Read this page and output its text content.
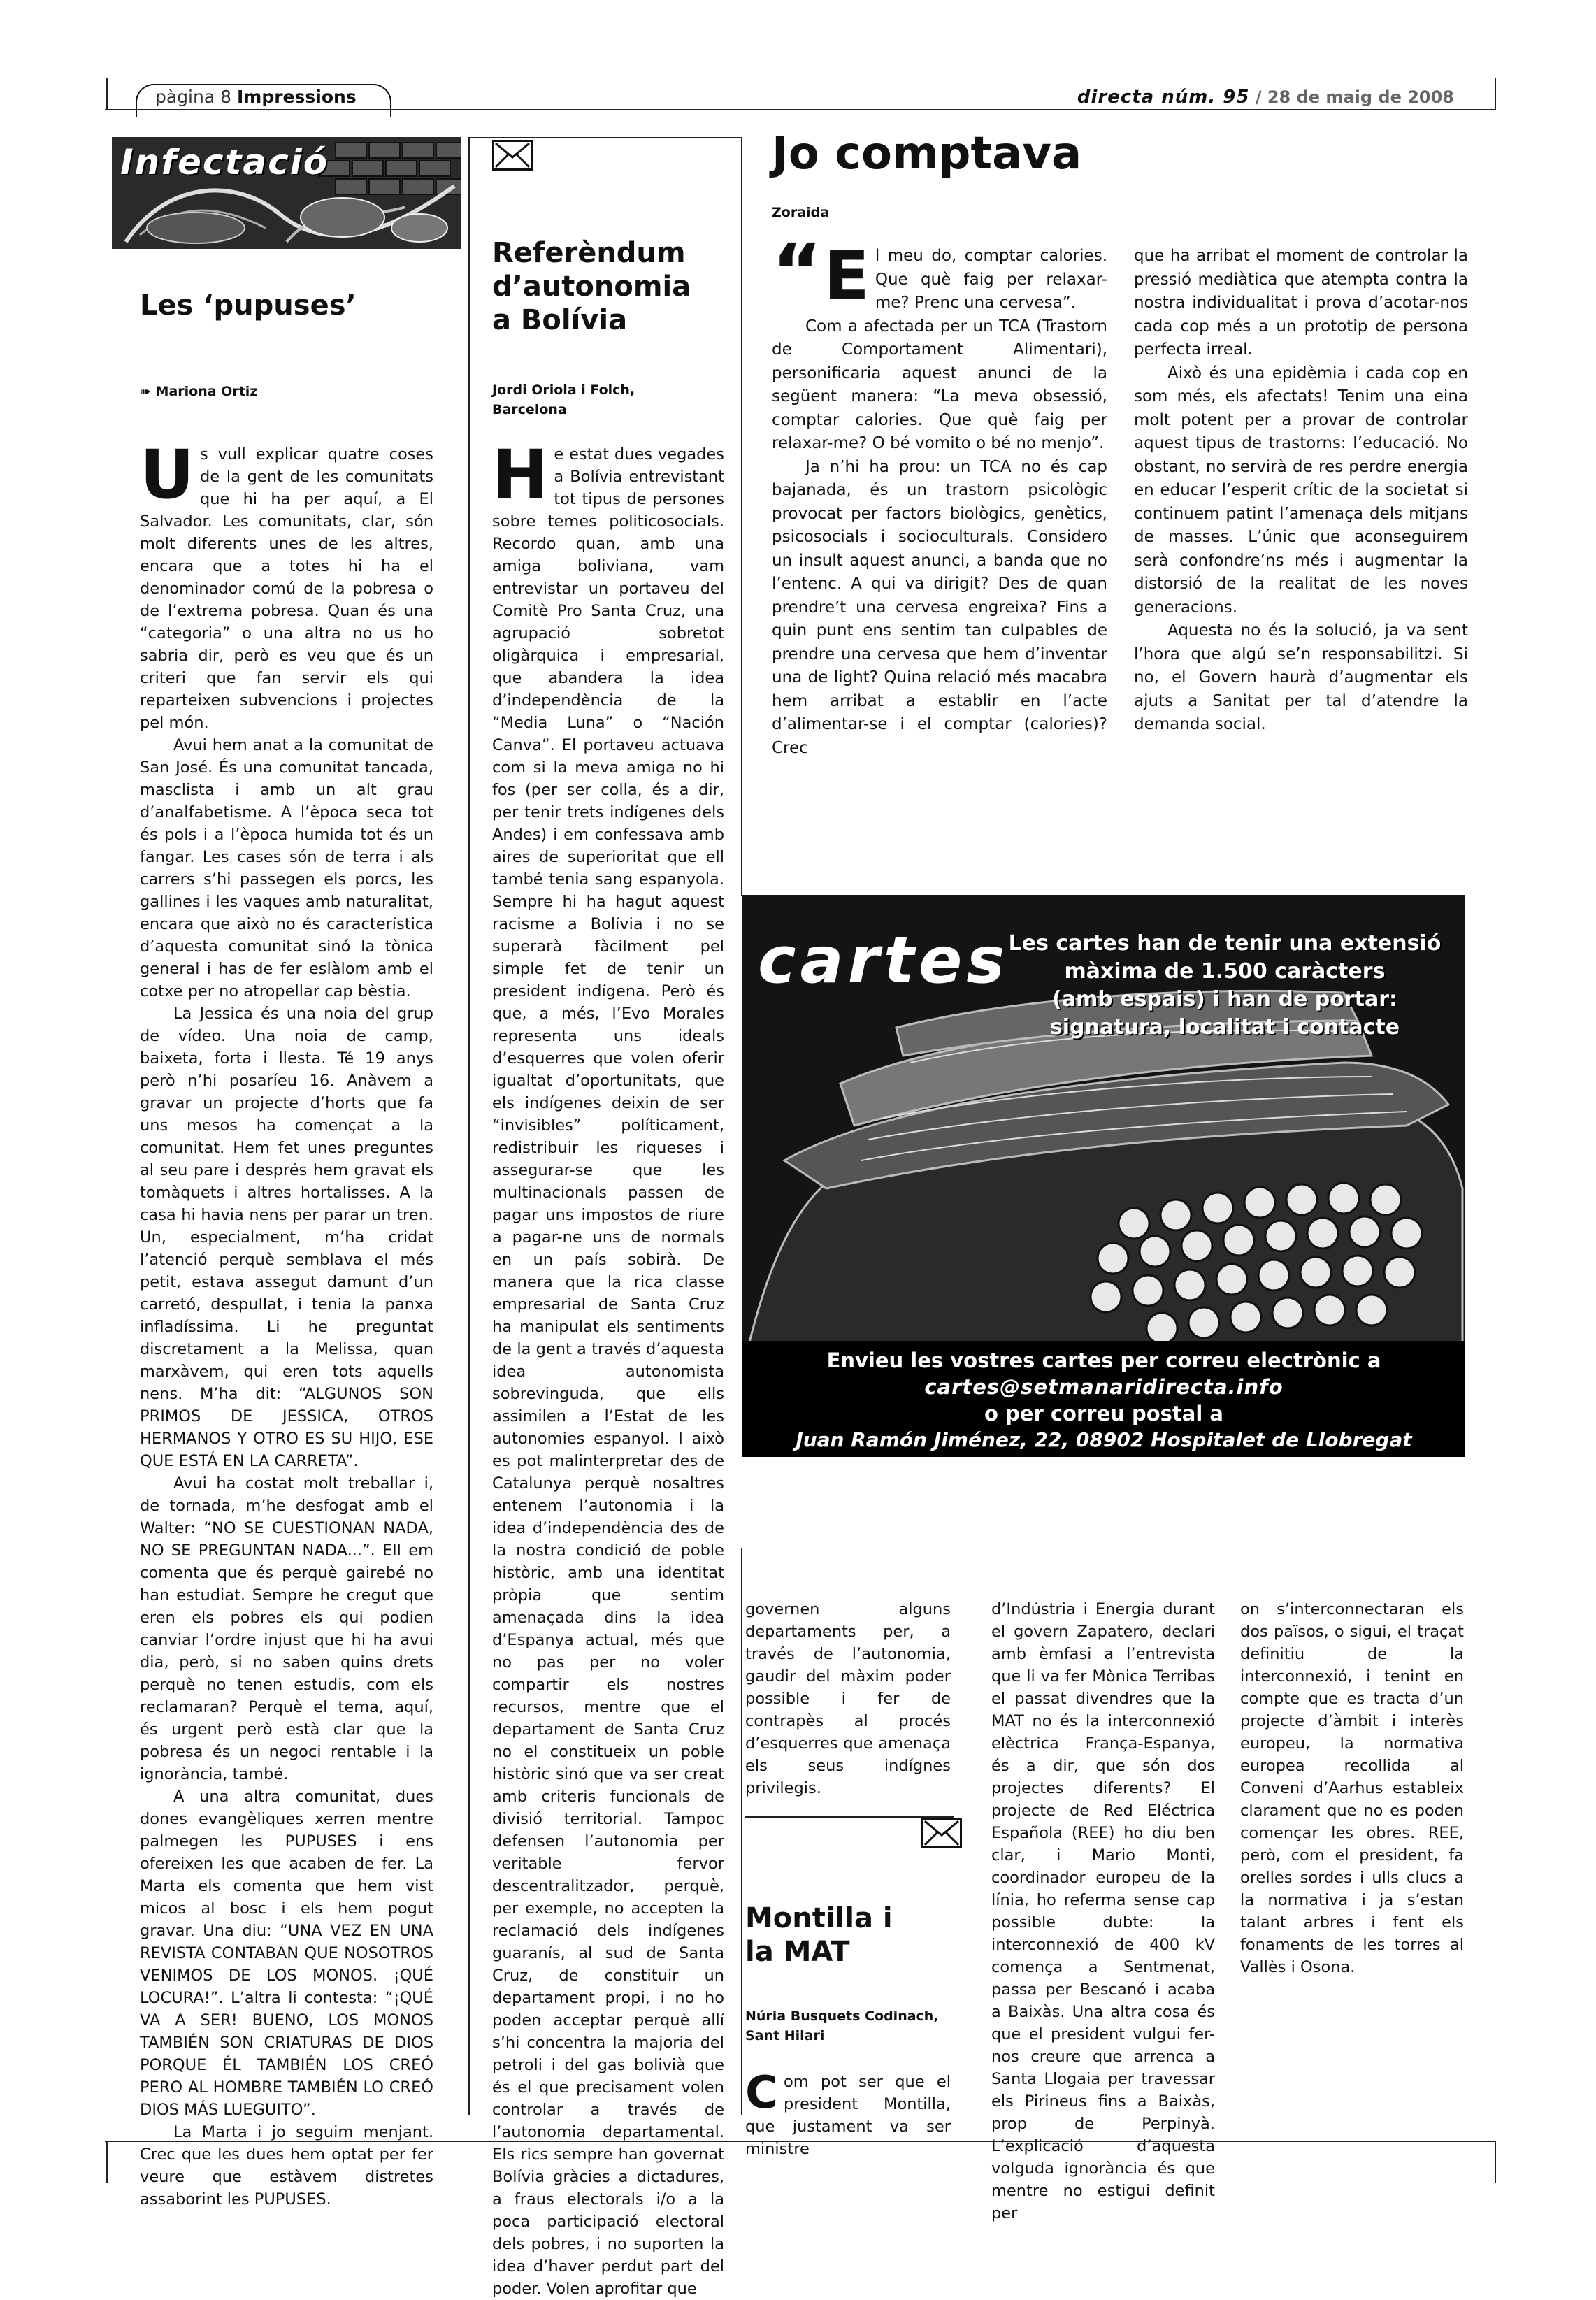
pàgina 8 Impressions	directa núm. 95 / 28 de maig de 2008
Infectació
Les ‘pupuses’
➠ Mariona Ortiz

Us vull explicar quatre coses de la gent de les comunitats que hi ha per aquí, a El Salvador. Les comunitats, clar, són molt diferents unes de les altres, encara que a totes hi ha el denominador comú de la pobresa o de l’extrema pobresa. Quan és una “categoria” o una altra no us ho sabria dir, però es veu que és un criteri que fan servir els qui reparteixen subvencions i projectes pel món.

Avui hem anat a la comunitat de San José. És una comunitat tancada, masclista i amb un alt grau d’analfabetisme. A l’època seca tot és pols i a l’època humida tot és un fangar. Les cases són de terra i als carrers s’hi passegen els porcs, les gallines i les vaques amb naturalitat, encara que això no és característica d’aquesta comunitat sinó la tònica general i has de fer eslàlom amb el cotxe per no atropellar cap bèstia.

La Jessica és una noia del grup de vídeo. Una noia de camp, baixeta, forta i llesta. Té 19 anys però n’hi posaríeu 16. Anàvem a gravar un projecte d’horts que fa uns mesos ha començat a la comunitat. Hem fet unes preguntes al seu pare i després hem gravat els tomàquets i altres hortalisses. A la casa hi havia nens per parar un tren. Un, especialment, m’ha cridat l’atenció perquè semblava el més petit, estava assegut damunt d’un carretó, despullat, i tenia la panxa infladíssima. Li he preguntat discretament a la Melissa, quan marxàvem, qui eren tots aquells nens. M’ha dit: “ALGUNOS SON PRIMOS DE JESSICA, OTROS HERMANOS Y OTRO ES SU HIJO, ESE QUE ESTÁ EN LA CARRETA”.

Avui ha costat molt treballar i, de tornada, m’he desfogat amb el Walter: “NO SE CUESTIONAN NADA, NO SE PREGUNTAN NADA...”. Ell em comenta que és perquè gairebé no han estudiat. Sempre he cregut que eren els pobres els qui podien canviar l’ordre injust que hi ha avui dia, però, si no saben quins drets perquè no tenen estudis, com els reclamaran? Perquè el tema, aquí, és urgent però està clar que la pobresa és un negoci rentable i la ignorància, també.

A una altra comunitat, dues dones evangèliques xerren mentre palmegen les PUPUSES i ens ofereixen les que acaben de fer. La Marta els comenta que hem vist micos al bosc i els hem pogut gravar. Una diu: “UNA VEZ EN UNA REVISTA CONTABAN QUE NOSOTROS VENIMOS DE LOS MONOS. ¡QUÉ LOCURA!”. L’altra li contesta: “¡QUÉ VA A SER! BUENO, LOS MONOS TAMBIÉN SON CRIATURAS DE DIOS PORQUE ÉL TAMBIÉN LOS CREÓ PERO AL HOMBRE TAMBIÉN LO CREÓ DIOS MÁS LUEGUITO”.

La Marta i jo seguim menjant. Crec que les dues hem optat per fer veure que estàvem distretes assaborint les PUPUSES.

Referèndum d’autonomia a Bolívia
Jordi Oriola i Folch,
Barcelona

He estat dues vegades a Bolívia entrevistant tot tipus de persones sobre temes politicosocials. Recordo quan, amb una amiga boliviana, vam entrevistar un portaveu del Comitè Pro Santa Cruz, una agrupació sobretot oligàrquica i empresarial, que abandera la idea d’independència de la “Media Luna” o “Nación Canva”. El portaveu actuava com si la meva amiga no hi fos (per ser colla, és a dir, per tenir trets indígenes dels Andes) i em confessava amb aires de superioritat que ell també tenia sang espanyola. Sempre hi ha hagut aquest racisme a Bolívia i no se superarà fàcilment pel simple fet de tenir un president indígena. Però és que, a més, l’Evo Morales representa uns ideals d’esquerres que volen oferir igualtat d’oportunitats, que els indígenes deixin de ser “invisibles” políticament, redistribuir les riqueses i assegurar-se que les multinacionals passen de pagar uns impostos de riure a pagar-ne uns de normals en un país sobirà. De manera que la rica classe empresarial de Santa Cruz ha manipulat els sentiments de la gent a través d’aquesta idea autonomista sobrevinguda, que ells assimilen a l’Estat de les autonomies espanyol. I això es pot malinterpretar des de Catalunya perquè nosaltres entenem l’autonomia i la idea d’independència des de la nostra condició de poble històric, amb una identitat pròpia que sentim amenaçada dins la idea d’Espanya actual, més que no pas per no voler compartir els nostres recursos, mentre que el departament de Santa Cruz no el constitueix un poble històric sinó que va ser creat amb criteris funcionals de divisió territorial. Tampoc defensen l’autonomia per veritable fervor descentralitzador, perquè, per exemple, no accepten la reclamació dels indígenes guaranís, al sud de Santa Cruz, de constituir un departament propi, i no ho poden acceptar perquè allí s’hi concentra la majoria del petroli i del gas bolivià que és el que precisament volen controlar a través de l’autonomia departamental. Els rics sempre han governat Bolívia gràcies a dictadures, a fraus electorals i/o a la poca participació electoral dels pobres, i no suporten la idea d’haver perdut part del poder. Volen aprofitar que

governen alguns departaments per, a través de l’autonomia, gaudir del màxim poder possible i fer de contrapès al procés d’esquerres que amenaça els seus indígnes privilegis.

Jo comptava
Zoraida

“ E l meu do, comptar calories. Que què faig per relaxar-me? Prenc una cervesa”.

Com a afectada per un TCA (Trastorn de Comportament Alimentari), personificaria aquest anunci de la següent manera: “La meva obsessió, comptar calories. Que què faig per relaxar-me? O bé vomito o bé no menjo”.

Ja n’hi ha prou: un TCA no és cap bajanada, és un trastorn psicològic provocat per factors biològics, genètics, psicosocials i socioculturals. Considero un insult aquest anunci, a banda que no l’entenc. A qui va dirigit? Des de quan prendre’t una cervesa engreixa? Fins a quin punt ens sentim tan culpables de prendre una cervesa que hem d’inventar una de light? Quina relació més macabra hem arribat a establir en l’acte d’alimentar-se i el comptar (calories)? Crec

que ha arribat el moment de controlar la pressió mediàtica que atempta contra la nostra individualitat i prova d’acotar-nos cada cop més a un prototip de persona perfecta irreal.

Això és una epidèmia i cada cop en som més, els afectats! Tenim una eina molt potent per a provar de controlar aquest tipus de trastorns: l’educació. No obstant, no servirà de res perdre energia en educar l’esperit crític de la societat si continuem patint l’amenaça dels mitjans de masses. L’únic que aconseguirem serà confondre’ns més i augmentar la distorsió de la realitat de les noves generacions.

Aquesta no és la solució, ja va sent l’hora que algú se’n responsabilitzi. Si no, el Govern haurà d’augmentar els ajuts a Sanitat per tal d’atendre la demanda social.

cartes Les cartes han de tenir una extensió
màxima de 1.500 caràcters
(amb espais) i han de portar:
signatura, localitat i contacte
Envieu les vostres cartes per correu electrònic a
cartes@setmanaridirecta.info
o per correu postal a
Juan Ramón Jiménez, 22, 08902 Hospitalet de Llobregat
Montilla i la MAT
Núria Busquets Codinach,
Sant Hilari

Com pot ser que el president Montilla, que justament va ser ministre

d’Indústria i Energia durant el govern Zapatero, declari amb èmfasi a l’entrevista que li va fer Mònica Terribas el passat divendres que la MAT no és la interconnexió elèctrica França-Espanya, és a dir, que són dos projectes diferents? El projecte de Red Eléctrica Española (REE) ho diu ben clar, i Mario Monti, coordinador europeu de la línia, ho referma sense cap possible dubte: la interconnexió de 400 kV comença a Sentmenat, passa per Bescanó i acaba a Baixàs. Una altra cosa és que el president vulgui fer-nos creure que arrenca a Santa Llogaia per travessar els Pirineus fins a Baixàs, prop de Perpinyà. L’explicació d’aquesta volguda ignorància és que mentre no estigui definit per

on s’interconnectaran els dos països, o sigui, el traçat definitiu de la interconnexió, i tenint en compte que es tracta d’un projecte d’àmbit i interès europeu, la normativa europea recollida al Conveni d’Aarhus estableix clarament que no es poden començar les obres. REE, però, com el president, fa orelles sordes i ulls clucs a la normativa i ja s’estan talant arbres i fent els fonaments de les torres al Vallès i Osona.
